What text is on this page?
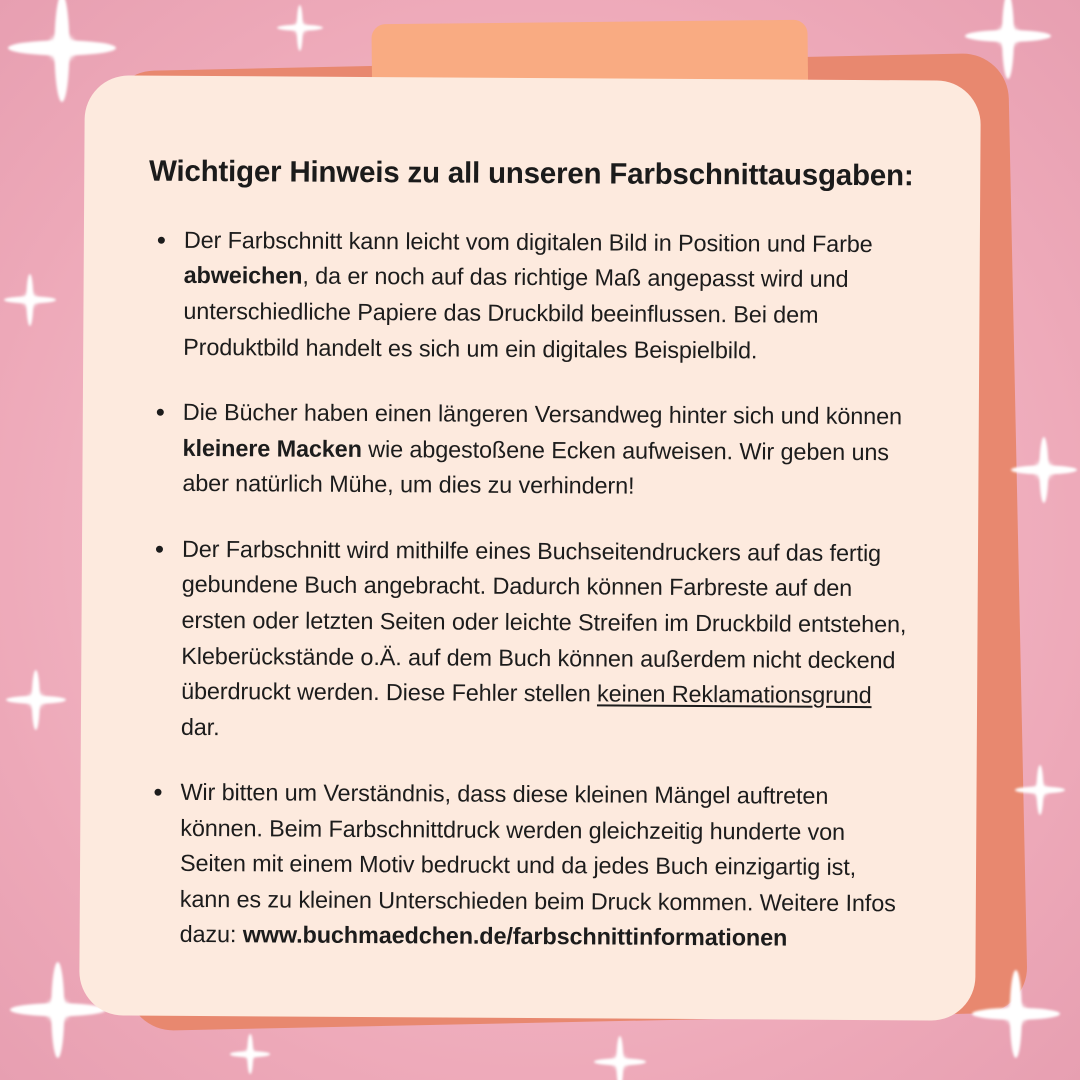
Wichtiger Hinweis zu all unseren Farbschnittausgaben:
Der Farbschnitt kann leicht vom digitalen Bild in Position und Farbe abweichen, da er noch auf das richtige Maß angepasst wird und unterschiedliche Papiere das Druckbild beeinflussen. Bei dem Produktbild handelt es sich um ein digitales Beispielbild.
Die Bücher haben einen längeren Versandweg hinter sich und können kleinere Macken wie abgestoßene Ecken aufweisen. Wir geben uns aber natürlich Mühe, um dies zu verhindern!
Der Farbschnitt wird mithilfe eines Buchseitendruckers auf das fertig gebundene Buch angebracht. Dadurch können Farbreste auf den ersten oder letzten Seiten oder leichte Streifen im Druckbild entstehen, Kleberückstände o.Ä. auf dem Buch können außerdem nicht deckend überdruckt werden. Diese Fehler stellen keinen Reklamationsgrund dar.
Wir bitten um Verständnis, dass diese kleinen Mängel auftreten können. Beim Farbschnittdruck werden gleichzeitig hunderte von Seiten mit einem Motiv bedruckt und da jedes Buch einzigartig ist, kann es zu kleinen Unterschieden beim Druck kommen. Weitere Infos dazu: www.buchmaedchen.de/farbschnittinformationen
